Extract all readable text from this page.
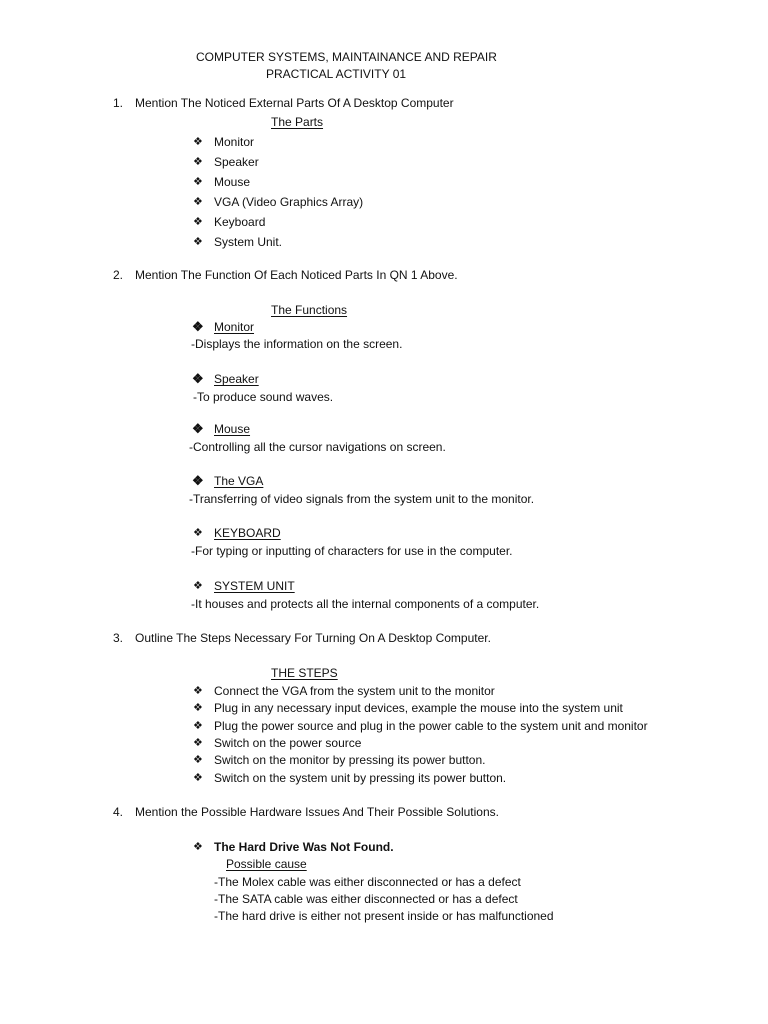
COMPUTER SYSTEMS, MAINTAINANCE AND REPAIR
PRACTICAL ACTIVITY 01
1. Mention The Noticed External Parts Of A Desktop Computer
The Parts
❖ Monitor
❖ Speaker
❖ Mouse
❖ VGA (Video Graphics Array)
❖ Keyboard
❖ System Unit.
2. Mention The Function Of Each Noticed Parts In QN 1 Above.
The Functions
❖ Monitor
-Displays the information on the screen.
❖ Speaker
-To produce sound waves.
❖ Mouse
-Controlling all the cursor navigations on screen.
❖ The VGA
-Transferring of video signals from the system unit to the monitor.
❖ KEYBOARD
-For typing or inputting of characters for use in the computer.
❖ SYSTEM UNIT
-It houses and protects all the internal components of a computer.
3. Outline The Steps Necessary For Turning On A Desktop Computer.
THE STEPS
❖ Connect the VGA from the system unit to the monitor
❖ Plug in any necessary input devices, example the mouse into the system unit
❖ Plug the power source and plug in the power cable to the system unit and monitor
❖ Switch on the power source
❖ Switch on the monitor by pressing its power button.
❖ Switch on the system unit by pressing its power button.
4. Mention the Possible Hardware Issues And Their Possible Solutions.
❖ The Hard Drive Was Not Found.
Possible cause
-The Molex cable was either disconnected or has a defect
-The SATA cable was either disconnected or has a defect
-The hard drive is either not present inside or has malfunctioned
